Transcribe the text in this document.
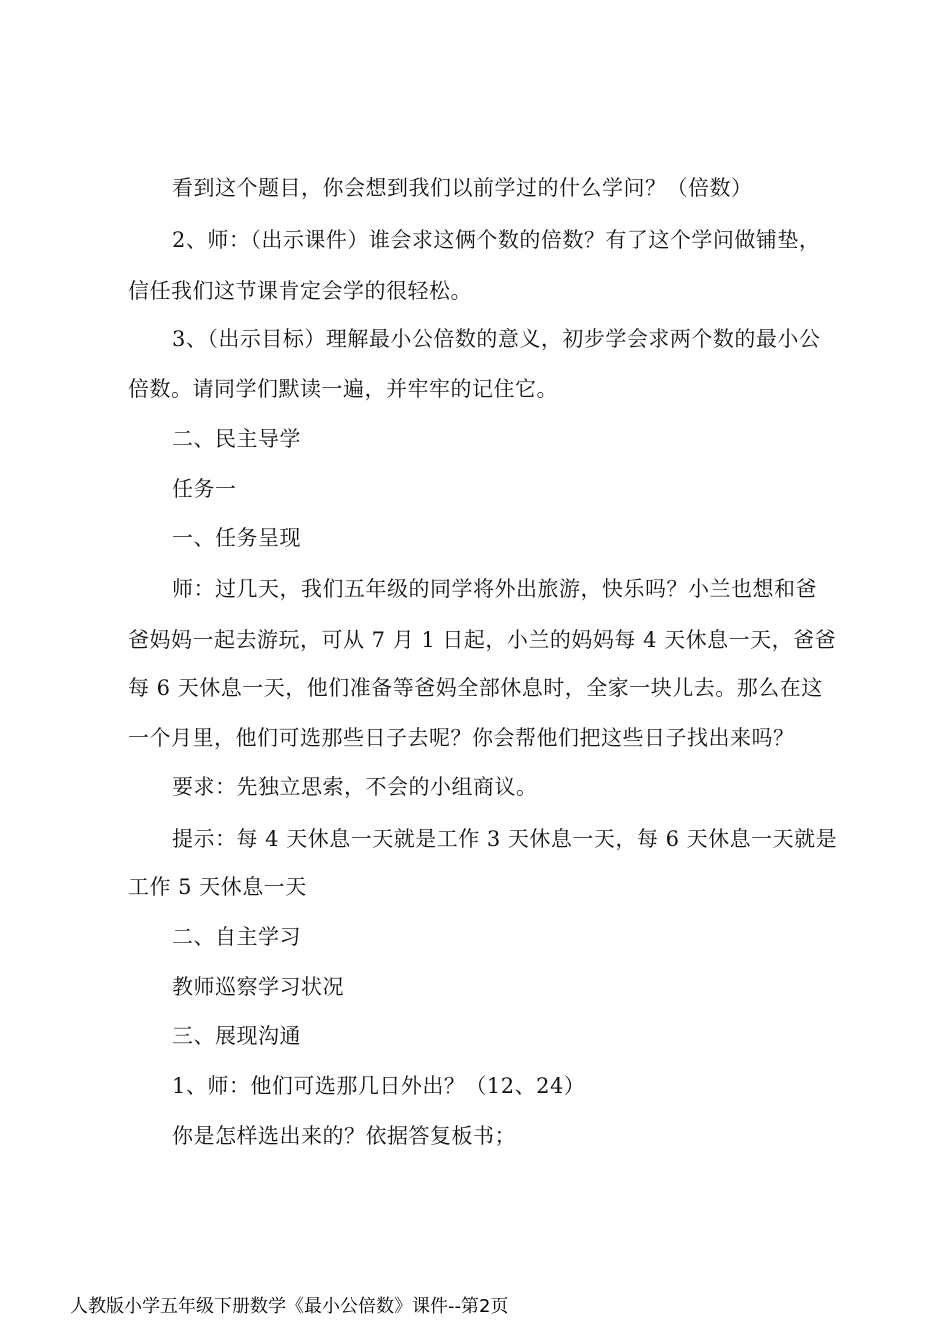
看到这个题目，你会想到我们以前学过的什么学问？（倍数）
2、师：（出示课件）谁会求这俩个数的倍数？有了这个学问做铺垫，
信任我们这节课肯定会学的很轻松。
3、（出示目标）理解最小公倍数的意义，初步学会求两个数的最小公
倍数。请同学们默读一遍，并牢牢的记住它。
二、民主导学
任务一
一、任务呈现
师：过几天，我们五年级的同学将外出旅游，快乐吗？小兰也想和爸
爸妈妈一起去游玩，可从 7 月 1 日起，小兰的妈妈每 4 天休息一天，爸爸
每 6 天休息一天，他们准备等爸妈全部休息时，全家一块儿去。那么在这
一个月里，他们可选那些日子去呢？你会帮他们把这些日子找出来吗？
要求：先独立思索，不会的小组商议。
提示：每 4 天休息一天就是工作 3 天休息一天，每 6 天休息一天就是
工作 5 天休息一天
二、自主学习
教师巡察学习状况
三、展现沟通
1、师：他们可选那几日外出？（12、24）
你是怎样选出来的？依据答复板书；
人教版小学五年级下册数学《最小公倍数》课件--第2页
